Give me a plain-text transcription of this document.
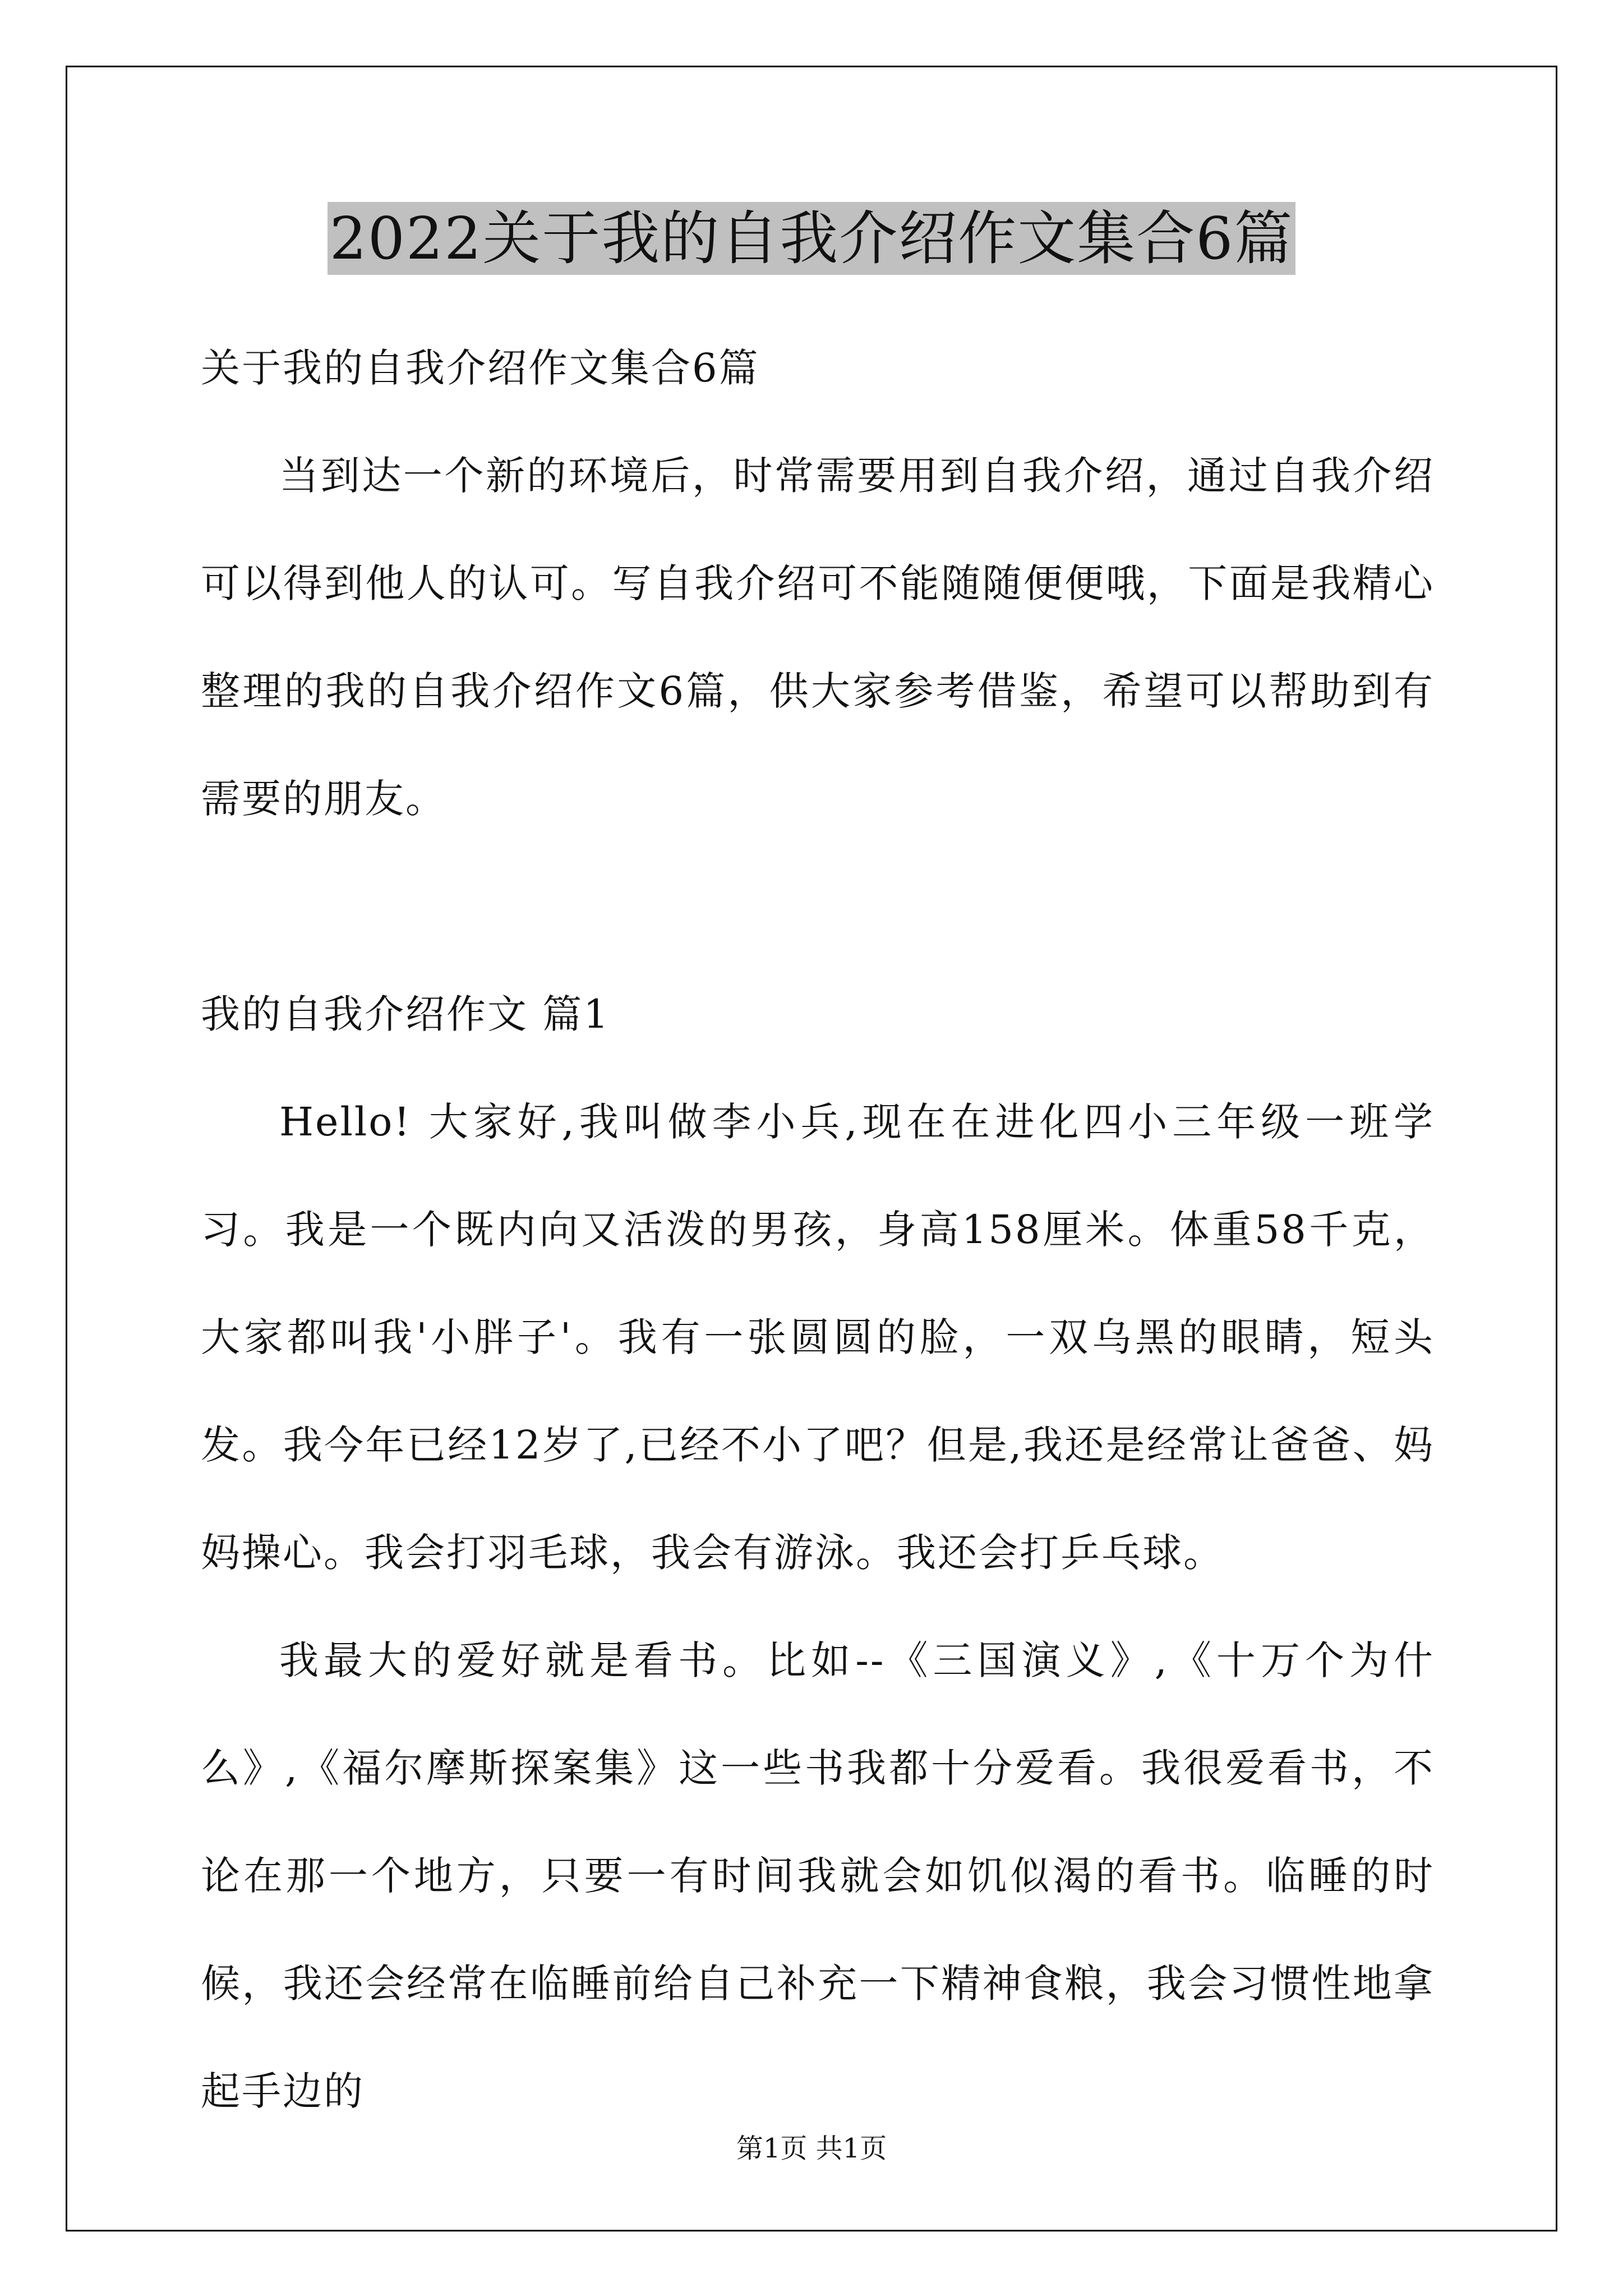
2022关于我的自我介绍作文集合6篇

关于我的自我介绍作文集合6篇

当到达一个新的环境后，时常需要用到自我介绍，通过自我介绍可以得到他人的认可。写自我介绍可不能随随便便哦，下面是我精心整理的我的自我介绍作文6篇，供大家参考借鉴，希望可以帮助到有需要的朋友。

我的自我介绍作文 篇1

Hello! 大家好,我叫做李小兵,现在在进化四小三年级一班学习。我是一个既内向又活泼的男孩，身高158厘米。体重58千克，大家都叫我'小胖子'。我有一张圆圆的脸，一双乌黑的眼睛，短头发。我今年已经12岁了,已经不小了吧？但是,我还是经常让爸爸、妈妈操心。我会打羽毛球，我会有游泳。我还会打乒乓球。

我最大的爱好就是看书。比如--《三国演义》,《十万个为什么》,《福尔摩斯探案集》这一些书我都十分爱看。我很爱看书，不论在那一个地方，只要一有时间我就会如饥似渴的看书。临睡的时候，我还会经常在临睡前给自己补充一下精神食粮，我会习惯性地拿起手边的

第1页 共1页
